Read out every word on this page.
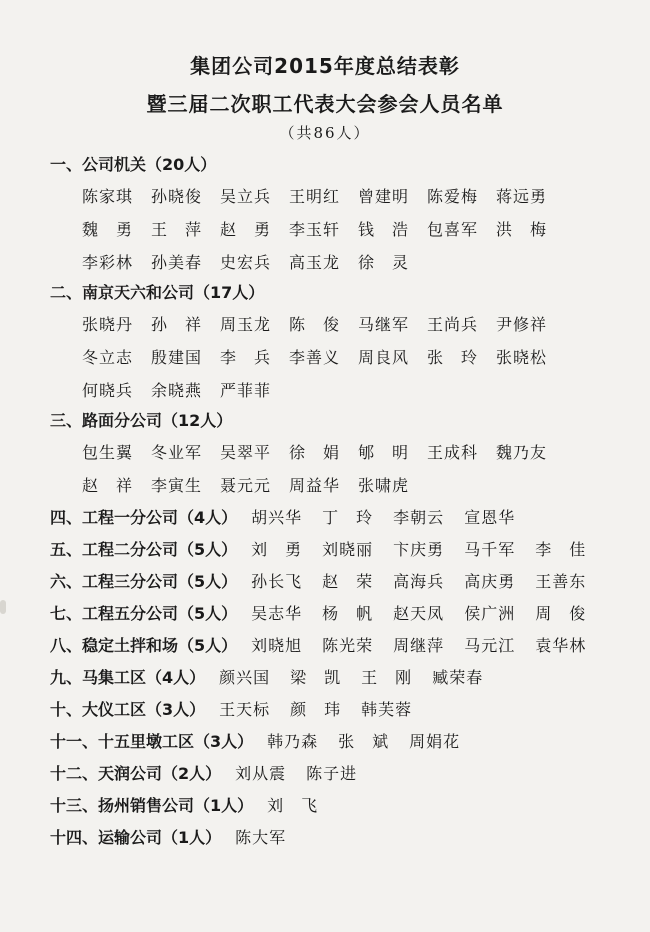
集团公司2015年度总结表彰
暨三届二次职工代表大会参会人员名单
（共86人）
一、公司机关（20人）
陈家琪	孙晓俊	吴立兵	王明红	曾建明	陈爱梅	蒋远勇
魏　勇	王　萍	赵　勇	李玉轩	钱　浩	包喜军	洪　梅
李彩林	孙美春	史宏兵	高玉龙	徐　灵
二、南京天六和公司（17人）
张晓丹	孙　祥	周玉龙	陈　俊	马继军	王尚兵	尹修祥
冬立志	殷建国	李　兵	李善义	周良风	张　玲	张晓松
何晓兵	余晓燕	严菲菲
三、路面分公司（12人）
包生翼	冬业军	吴翠平	徐　娟	郇　明	王成科	魏乃友
赵　祥	李寅生	聂元元	周益华	张啸虎
四、工程一分公司（4人） 胡兴华 丁　玲 李朝云 宣恩华
五、工程二分公司（5人） 刘　勇 刘晓丽 卞庆勇 马千军 李　佳
六、工程三分公司（5人） 孙长飞 赵　荣 高海兵 高庆勇 王善东
七、工程五分公司（5人） 吴志华 杨　帆 赵天凤 侯广洲 周　俊
八、稳定土拌和场（5人） 刘晓旭 陈光荣 周继萍 马元江 袁华林
九、马集工区（4人） 颜兴国 梁　凯 王　刚 臧荣春
十、大仪工区（3人） 王天标 颜　玮 韩芙蓉
十一、十五里墩工区（3人） 韩乃森 张　斌 周娟花
十二、天润公司（2人） 刘从震 陈子进
十三、扬州销售公司（1人） 刘　飞
十四、运输公司（1人） 陈大军
